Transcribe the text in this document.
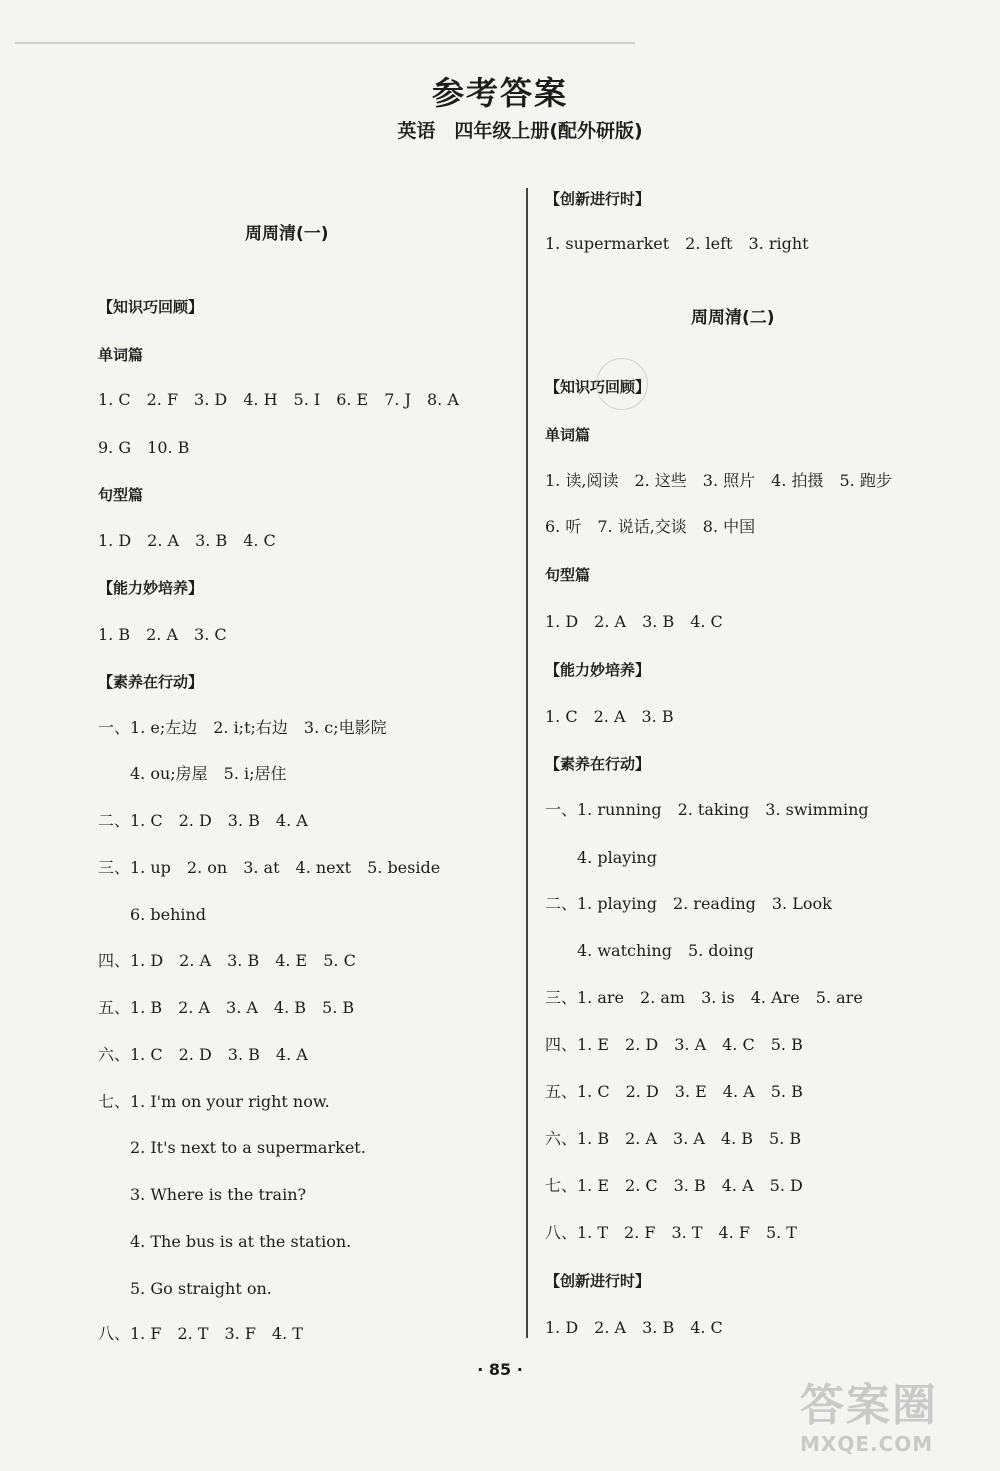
参考答案
英语　四年级上册(配外研版)
周周清(一)
【知识巧回顾】
单词篇
1. C　2. F　3. D　4. H　5. I　6. E　7. J　8. A
9. G　10. B
句型篇
1. D　2. A　3. B　4. C
【能力妙培养】
1. B　2. A　3. C
【素养在行动】
一、1. e;左边　2. i;t;右边　3. c;电影院
4. ou;房屋　5. i;居住
二、1. C　2. D　3. B　4. A
三、1. up　2. on　3. at　4. next　5. beside
6. behind
四、1. D　2. A　3. B　4. E　5. C
五、1. B　2. A　3. A　4. B　5. B
六、1. C　2. D　3. B　4. A
七、1. I'm on your right now.
2. It's next to a supermarket.
3. Where is the train?
4. The bus is at the station.
5. Go straight on.
八、1. F　2. T　3. F　4. T
【创新进行时】
1. supermarket　2. left　3. right
周周清(二)
【知识巧回顾】
单词篇
1. 读,阅读　2. 这些　3. 照片　4. 拍摄　5. 跑步
6. 听　7. 说话,交谈　8. 中国
句型篇
1. D　2. A　3. B　4. C
【能力妙培养】
1. C　2. A　3. B
【素养在行动】
一、1. running　2. taking　3. swimming
4. playing
二、1. playing　2. reading　3. Look
4. watching　5. doing
三、1. are　2. am　3. is　4. Are　5. are
四、1. E　2. D　3. A　4. C　5. B
五、1. C　2. D　3. E　4. A　5. B
六、1. B　2. A　3. A　4. B　5. B
七、1. E　2. C　3. B　4. A　5. D
八、1. T　2. F　3. T　4. F　5. T
【创新进行时】
1. D　2. A　3. B　4. C
· 85 ·
答案圈
MXQE.COM
